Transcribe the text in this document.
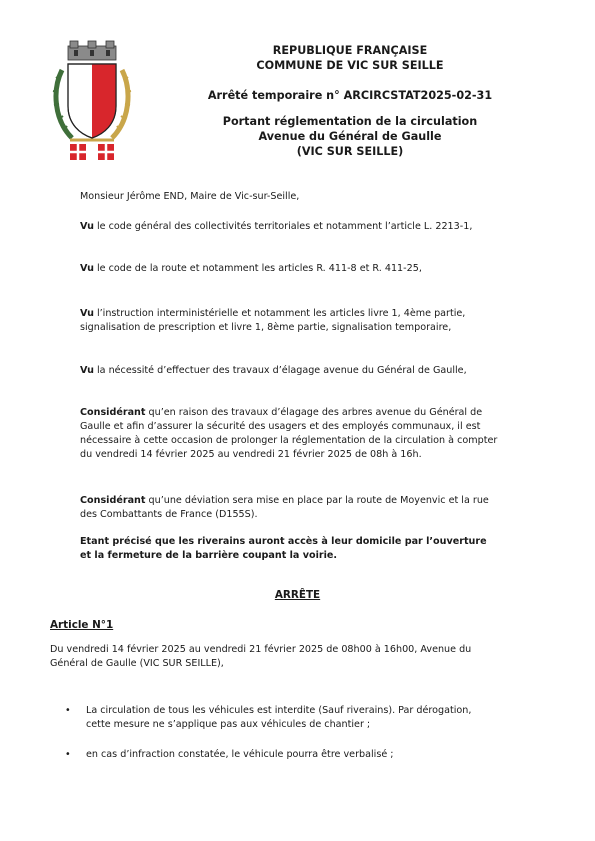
REPUBLIQUE FRANÇAISE
COMMUNE DE VIC SUR SEILLE
Arrêté temporaire n° ARCIRCSTAT2025-02-31
Portant réglementation de la circulation
Avenue du Général de Gaulle
(VIC SUR SEILLE)
Monsieur Jérôme END, Maire de Vic-sur-Seille,
Vu le code général des collectivités territoriales et notamment l’article L. 2213-1,
Vu le code de la route et notamment les articles R. 411-8 et R. 411-25,
Vu l’instruction interministérielle et notamment les articles livre 1, 4ème partie,
signalisation de prescription et livre 1, 8ème partie, signalisation temporaire,
Vu la nécessité d’effectuer des travaux d’élagage avenue du Général de Gaulle,
Considérant qu’en raison des travaux d’élagage des arbres avenue du Général de
Gaulle et afin d’assurer la sécurité des usagers et des employés communaux, il est
nécessaire à cette occasion de prolonger la réglementation de la circulation à compter
du vendredi 14 février 2025 au vendredi 21 février 2025 de 08h à 16h.
Considérant qu’une déviation sera mise en place par la route de Moyenvic et la rue
des Combattants de France (D155S).
Etant précisé que les riverains auront accès à leur domicile par l’ouverture
et la fermeture de la barrière coupant la voirie.
ARRÊTE
Article N°1
Du vendredi 14 février 2025 au vendredi 21 février 2025 de 08h00 à 16h00, Avenue du
Général de Gaulle (VIC SUR SEILLE),
• La circulation de tous les véhicules est interdite (Sauf riverains). Par dérogation,
cette mesure ne s’applique pas aux véhicules de chantier ;
• en cas d’infraction constatée, le véhicule pourra être verbalisé ;
